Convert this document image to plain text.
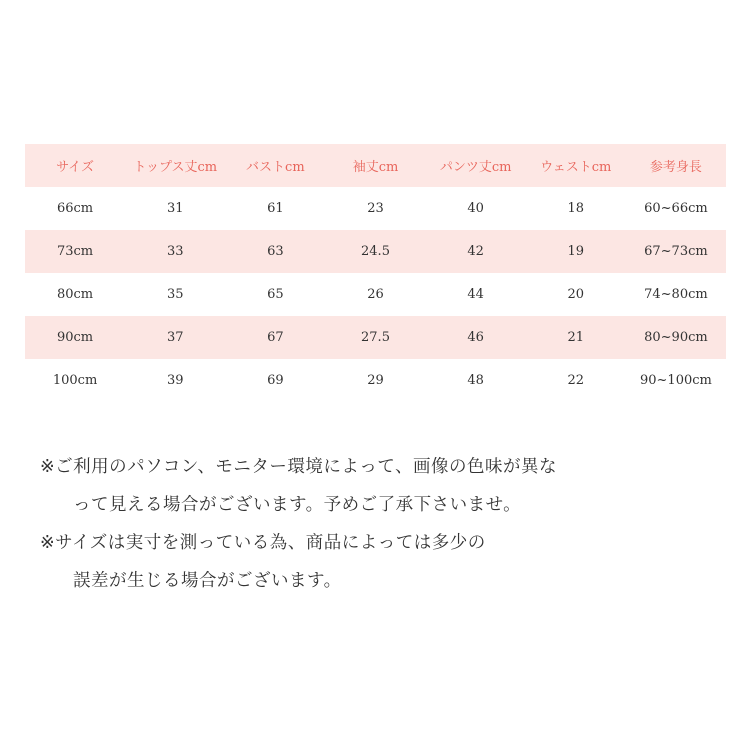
サイズ	トップス丈cm	バストcm	袖丈cm	パンツ丈cm	ウェストcm	参考身長
66cm	31	61	23	40	18	60~66cm
73cm	33	63	24.5	42	19	67~73cm
80cm	35	65	26	44	20	74~80cm
90cm	37	67	27.5	46	21	80~90cm
100cm	39	69	29	48	22	90~100cm
※ご利用のパソコン、モニター環境によって、画像の色味が異な
って見える場合がございます。予めご了承下さいませ。
※サイズは実寸を測っている為、商品によっては多少の
誤差が生じる場合がございます。
